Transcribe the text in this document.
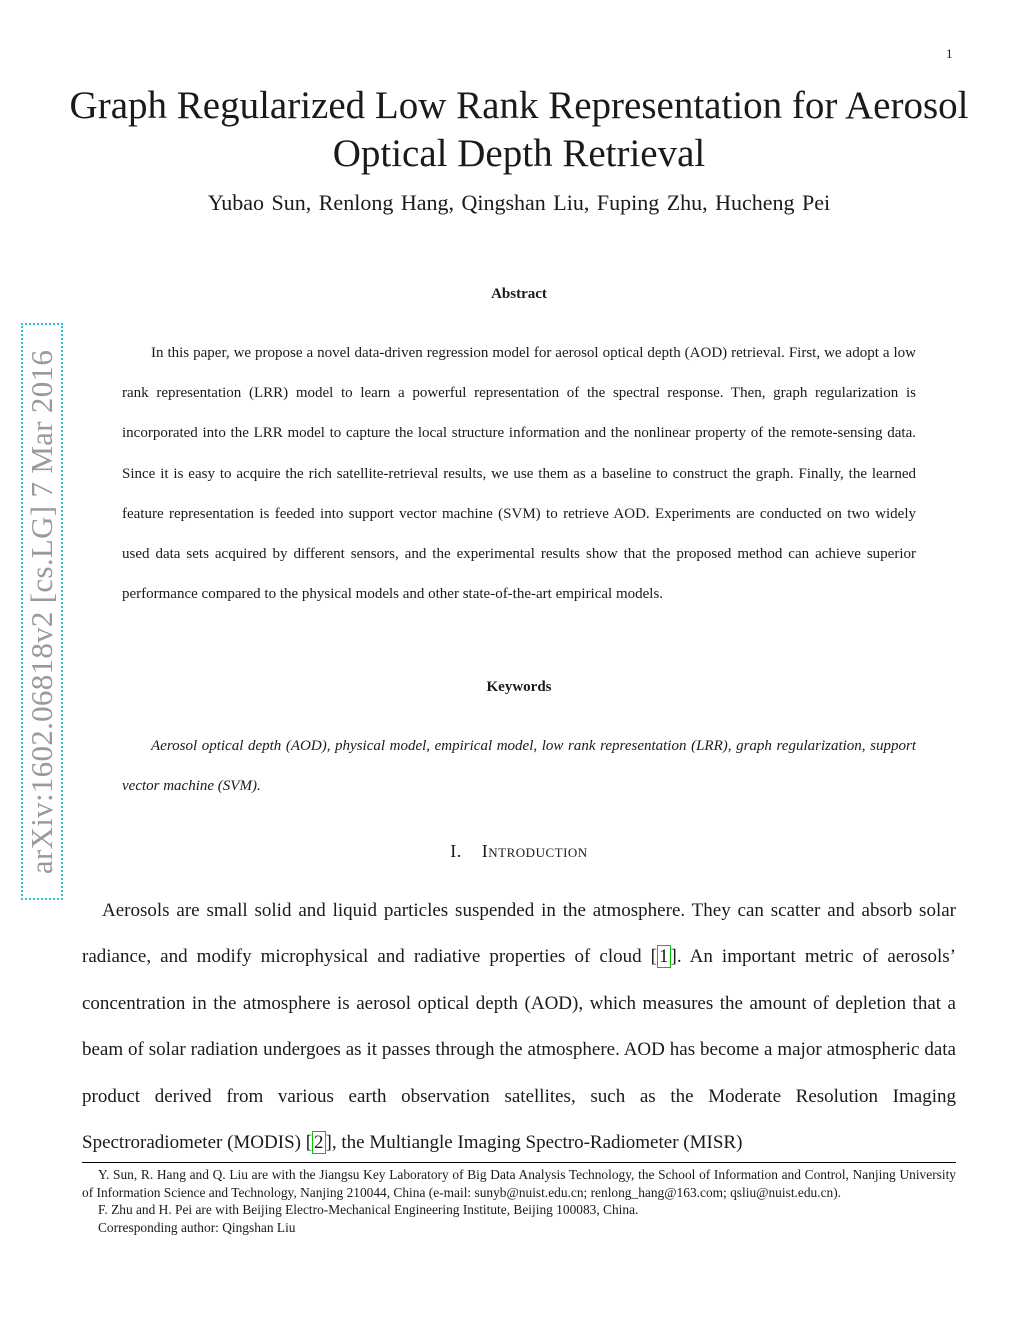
1
arXiv:1602.06818v2 [cs.LG] 7 Mar 2016
Graph Regularized Low Rank Representation for Aerosol Optical Depth Retrieval
Yubao Sun, Renlong Hang, Qingshan Liu, Fuping Zhu, Hucheng Pei
Abstract
In this paper, we propose a novel data-driven regression model for aerosol optical depth (AOD) retrieval. First, we adopt a low rank representation (LRR) model to learn a powerful representation of the spectral response. Then, graph regularization is incorporated into the LRR model to capture the local structure information and the nonlinear property of the remote-sensing data. Since it is easy to acquire the rich satellite-retrieval results, we use them as a baseline to construct the graph. Finally, the learned feature representation is feeded into support vector machine (SVM) to retrieve AOD. Experiments are conducted on two widely used data sets acquired by different sensors, and the experimental results show that the proposed method can achieve superior performance compared to the physical models and other state-of-the-art empirical models.
Keywords
Aerosol optical depth (AOD), physical model, empirical model, low rank representation (LRR), graph regularization, support vector machine (SVM).
I. Introduction
Aerosols are small solid and liquid particles suspended in the atmosphere. They can scatter and absorb solar radiance, and modify microphysical and radiative properties of cloud [ 1 ]. An important metric of aerosols’ concentration in the atmosphere is aerosol optical depth (AOD), which measures the amount of depletion that a beam of solar radiation undergoes as it passes through the atmosphere. AOD has become a major atmospheric data product derived from various earth observation satellites, such as the Moderate Resolution Imaging Spectroradiometer (MODIS) [ 2 ], the Multiangle Imaging Spectro-Radiometer (MISR)

Y. Sun, R. Hang and Q. Liu are with the Jiangsu Key Laboratory of Big Data Analysis Technology, the School of Information and Control, Nanjing University of Information Science and Technology, Nanjing 210044, China (e-mail: sunyb@nuist.edu.cn; renlong_hang@163.com; qsliu@nuist.edu.cn).

F. Zhu and H. Pei are with Beijing Electro-Mechanical Engineering Institute, Beijing 100083, China.

Corresponding author: Qingshan Liu
